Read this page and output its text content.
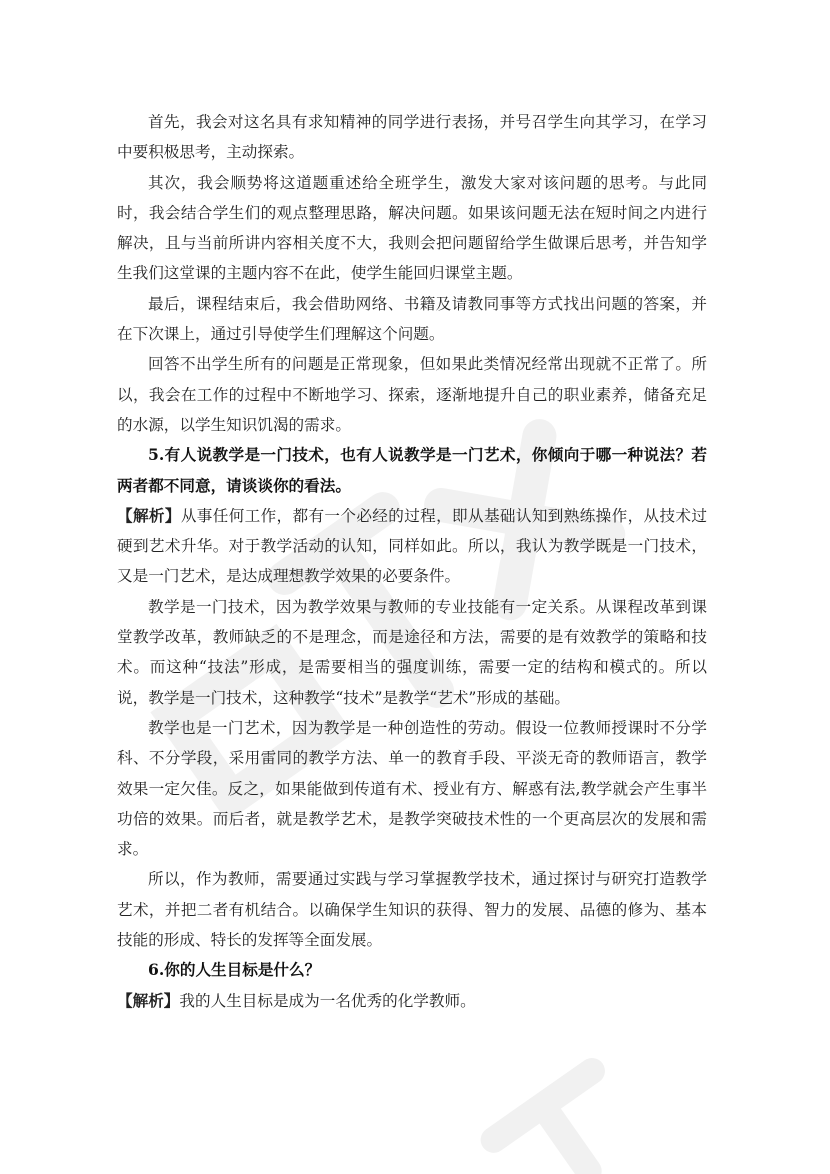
首先，我会对这名具有求知精神的同学进行表扬，并号召学生向其学习，在学习中要积极思考，主动探索。

其次，我会顺势将这道题重述给全班学生，激发大家对该问题的思考。与此同时，我会结合学生们的观点整理思路，解决问题。如果该问题无法在短时间之内进行解决，且与当前所讲内容相关度不大，我则会把问题留给学生做课后思考，并告知学生我们这堂课的主题内容不在此，使学生能回归课堂主题。

最后，课程结束后，我会借助网络、书籍及请教同事等方式找出问题的答案，并在下次课上，通过引导使学生们理解这个问题。

回答不出学生所有的问题是正常现象，但如果此类情况经常出现就不正常了。所以，我会在工作的过程中不断地学习、探索，逐渐地提升自己的职业素养，储备充足的水源，以学生知识饥渴的需求。

5.有人说教学是一门技术，也有人说教学是一门艺术，你倾向于哪一种说法？若两者都不同意，请谈谈你的看法。

【解析】从事任何工作，都有一个必经的过程，即从基础认知到熟练操作，从技术过硬到艺术升华。对于教学活动的认知，同样如此。所以，我认为教学既是一门技术，又是一门艺术，是达成理想教学效果的必要条件。

教学是一门技术，因为教学效果与教师的专业技能有一定关系。从课程改革到课堂教学改革，教师缺乏的不是理念，而是途径和方法，需要的是有效教学的策略和技术。而这种“技法”形成，是需要相当的强度训练，需要一定的结构和模式的。所以说，教学是一门技术，这种教学“技术”是教学“艺术”形成的基础。

教学也是一门艺术，因为教学是一种创造性的劳动。假设一位教师授课时不分学科、不分学段，采用雷同的教学方法、单一的教育手段、平淡无奇的教师语言，教学效果一定欠佳。反之，如果能做到传道有术、授业有方、解惑有法,教学就会产生事半功倍的效果。而后者，就是教学艺术，是教学突破技术性的一个更高层次的发展和需求。

所以，作为教师，需要通过实践与学习掌握教学技术，通过探讨与研究打造教学艺术，并把二者有机结合。以确保学生知识的获得、智力的发展、品德的修为、基本技能的形成、特长的发挥等全面发展。

6.你的人生目标是什么？

【解析】我的人生目标是成为一名优秀的化学教师。
